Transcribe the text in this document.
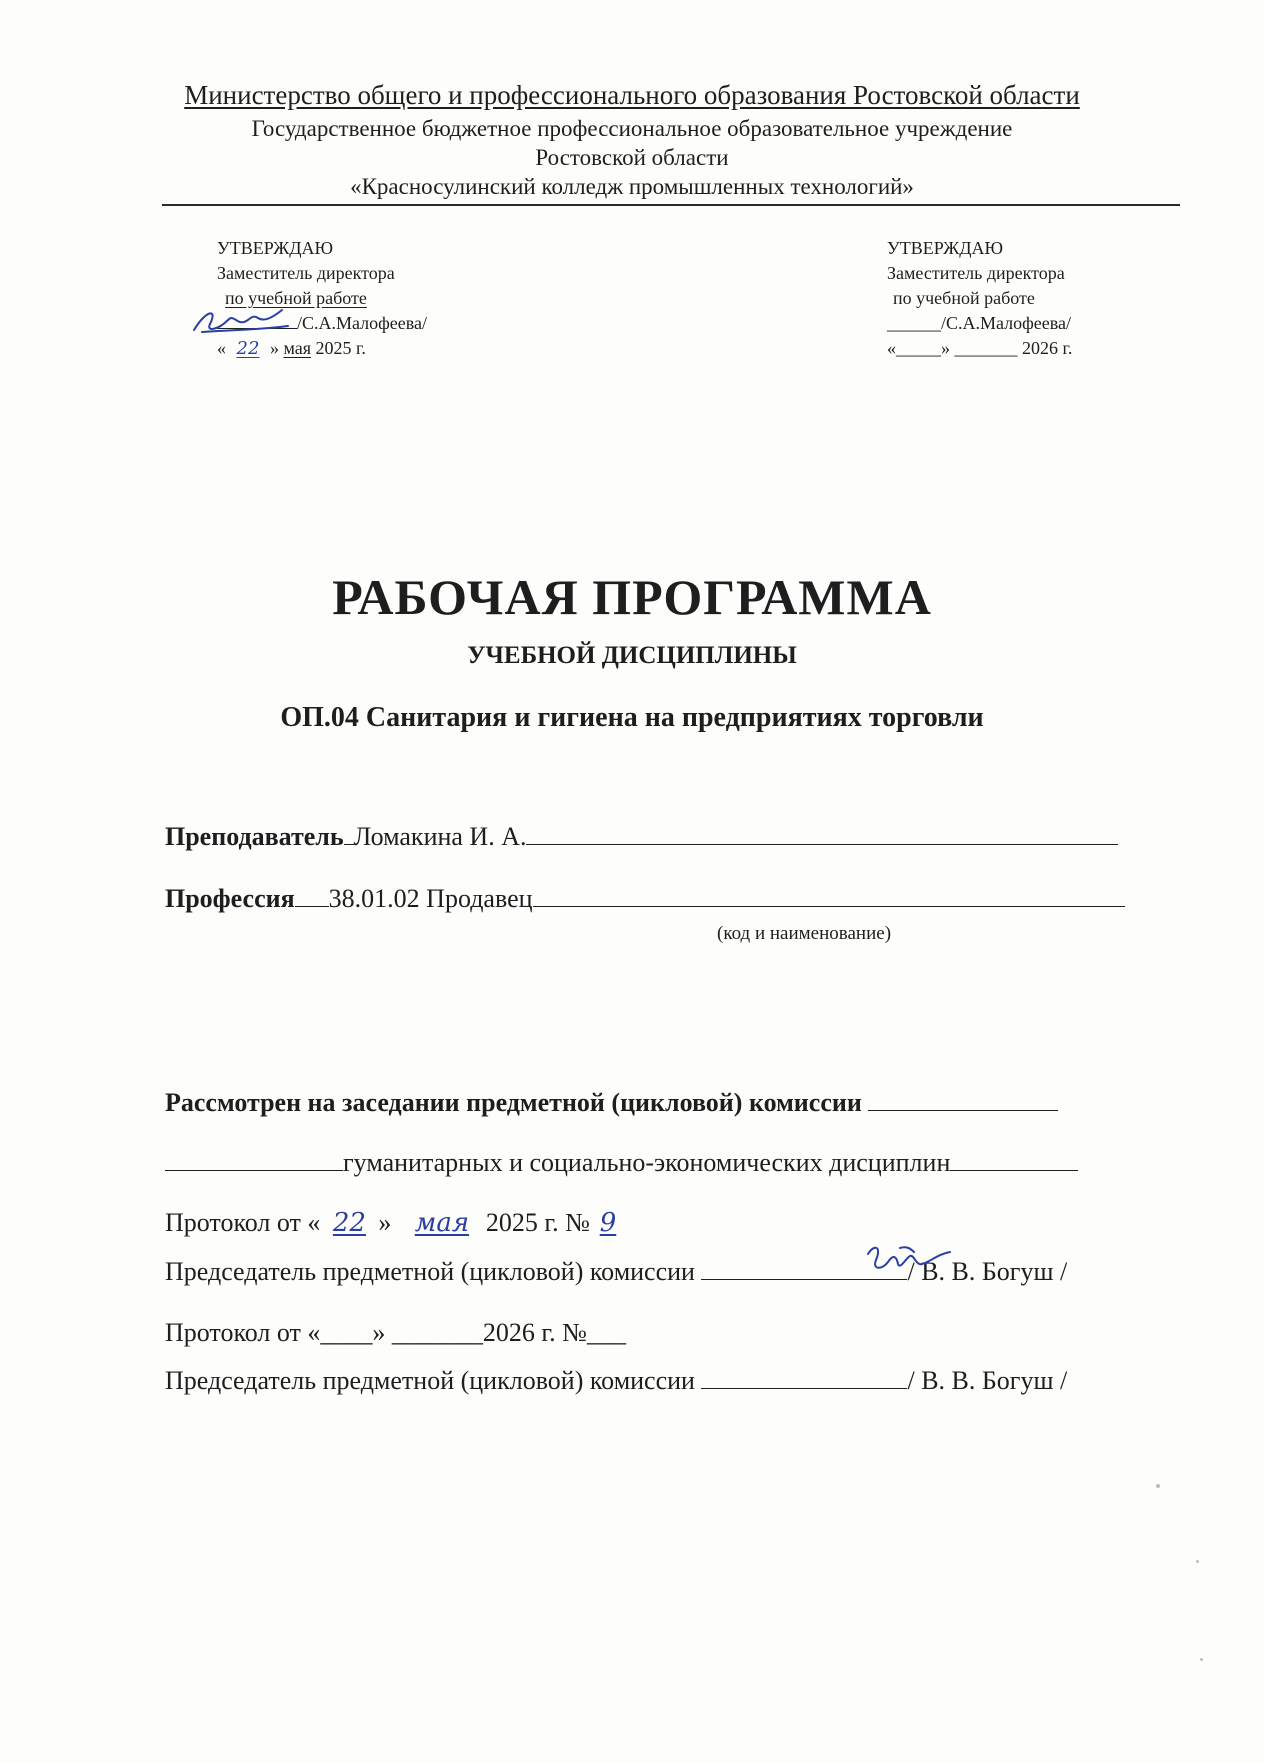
Министерство общего и профессионального образования Ростовской области
Государственное бюджетное профессиональное образовательное учреждение
Ростовской области
«Красносулинский колледж промышленных технологий»
УТВЕРЖДАЮ
Заместитель директора
по учебной работе
/С.А.Малофеева/
« 22 » мая 2025 г.
УТВЕРЖДАЮ
Заместитель директора
по учебной работе
______/С.А.Малофеева/
«_____» _______ 2026 г.
РАБОЧАЯ ПРОГРАММА
УЧЕБНОЙ ДИСЦИПЛИНЫ
ОП.04 Санитария и гигиена на предприятиях торговли
Преподаватель Ломакина И. А.
Профессия 38.01.02 Продавец
(код и наименование)
Рассмотрен на заседании предметной (цикловой) комиссии
гуманитарных и социально-экономических дисциплин
Протокол от « 22 » мая 2025 г. № 9
Председатель предметной (цикловой) комиссии	/ В. В. Богуш /
Протокол от «____» _______2026 г. №___
Председатель предметной (цикловой) комиссии	/ В. В. Богуш /
